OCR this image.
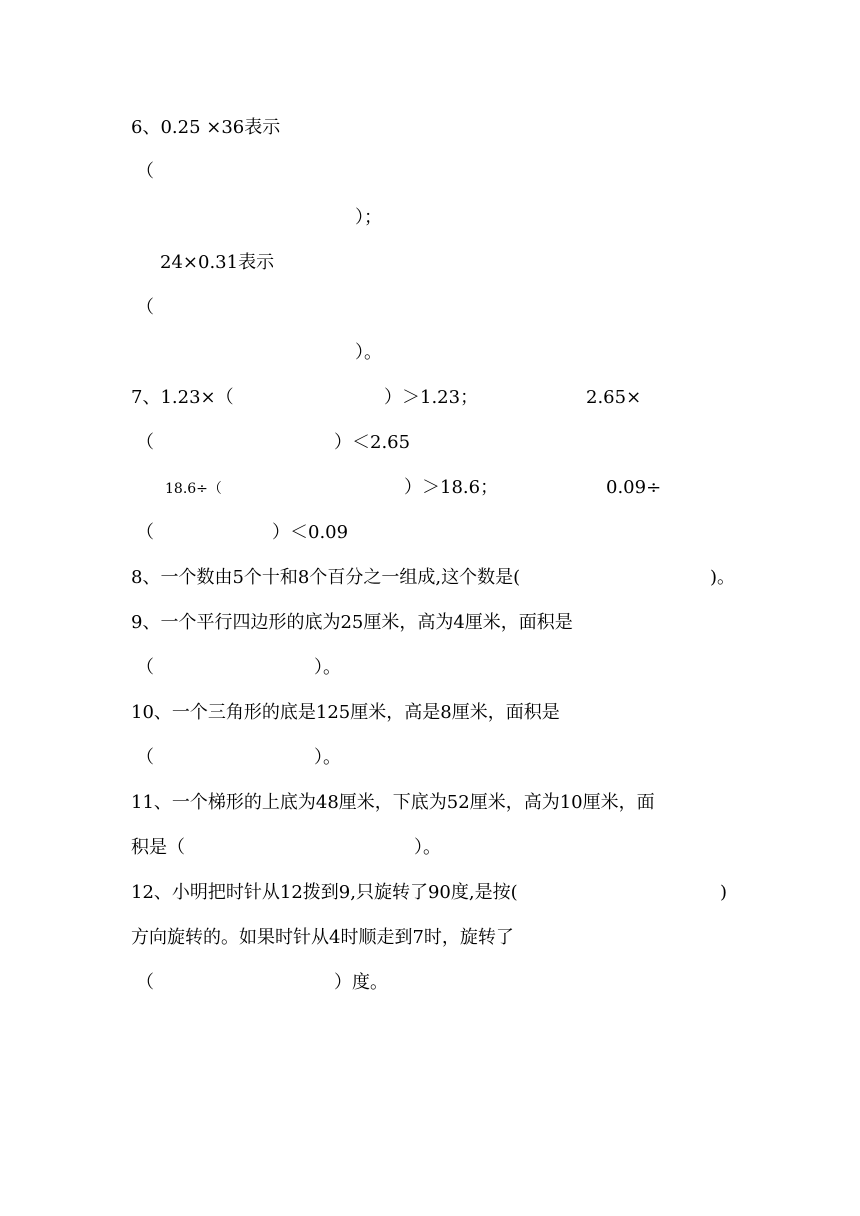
6、0.25 ×36表示
（
）；
24×0.31表示
（
）。
7、1.23×（	）＞1.23；	2.65×
（	）＜2.65
18.6÷（	）＞18.6；	0.09÷
（	）＜0.09
8、一个数由5个十和8个百分之一组成,这个数是(	)。
9、一个平行四边形的底为25厘米，高为4厘米，面积是
（	）。
10、一个三角形的底是125厘米，高是8厘米，面积是
（	）。
11、一个梯形的上底为48厘米，下底为52厘米，高为10厘米，面
积是（	）。
12、小明把时针从12拨到9,只旋转了90度,是按(	)
方向旋转的。如果时针从4时顺走到7时，旋转了
（	）度。
